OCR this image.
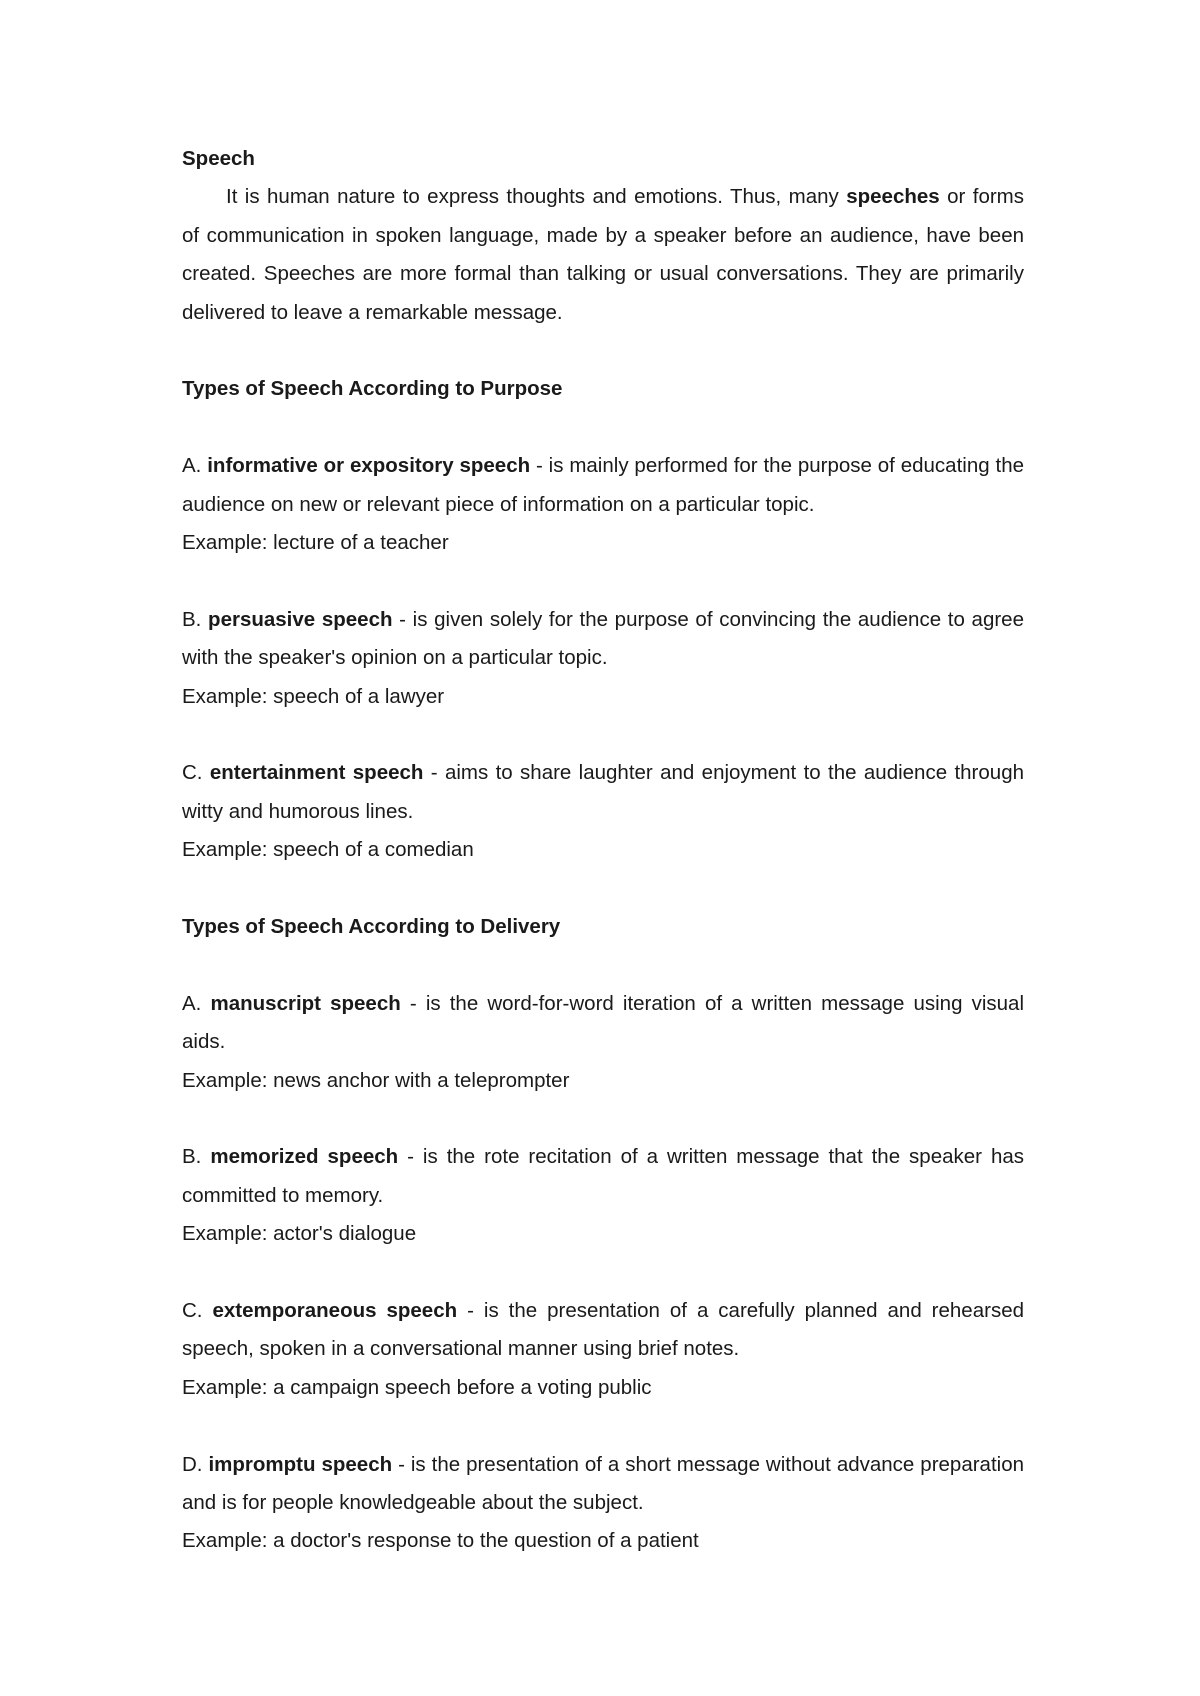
Speech

It is human nature to express thoughts and emotions. Thus, many speeches or forms of communication in spoken language, made by a speaker before an audience, have been created. Speeches are more formal than talking or usual conversations. They are primarily delivered to leave a remarkable message.

Types of Speech According to Purpose

A. informative or expository speech - is mainly performed for the purpose of educating the audience on new or relevant piece of information on a particular topic.

Example: lecture of a teacher

B. persuasive speech - is given solely for the purpose of convincing the audience to agree with the speaker's opinion on a particular topic.

Example: speech of a lawyer

C. entertainment speech - aims to share laughter and enjoyment to the audience through witty and humorous lines.

Example: speech of a comedian

Types of Speech According to Delivery

A. manuscript speech - is the word-for-word iteration of a written message using visual aids.

Example: news anchor with a teleprompter

B. memorized speech - is the rote recitation of a written message that the speaker has committed to memory.

Example: actor's dialogue

C. extemporaneous speech - is the presentation of a carefully planned and rehearsed speech, spoken in a conversational manner using brief notes.

Example: a campaign speech before a voting public

D. impromptu speech - is the presentation of a short message without advance preparation and is for people knowledgeable about the subject.

Example: a doctor's response to the question of a patient
